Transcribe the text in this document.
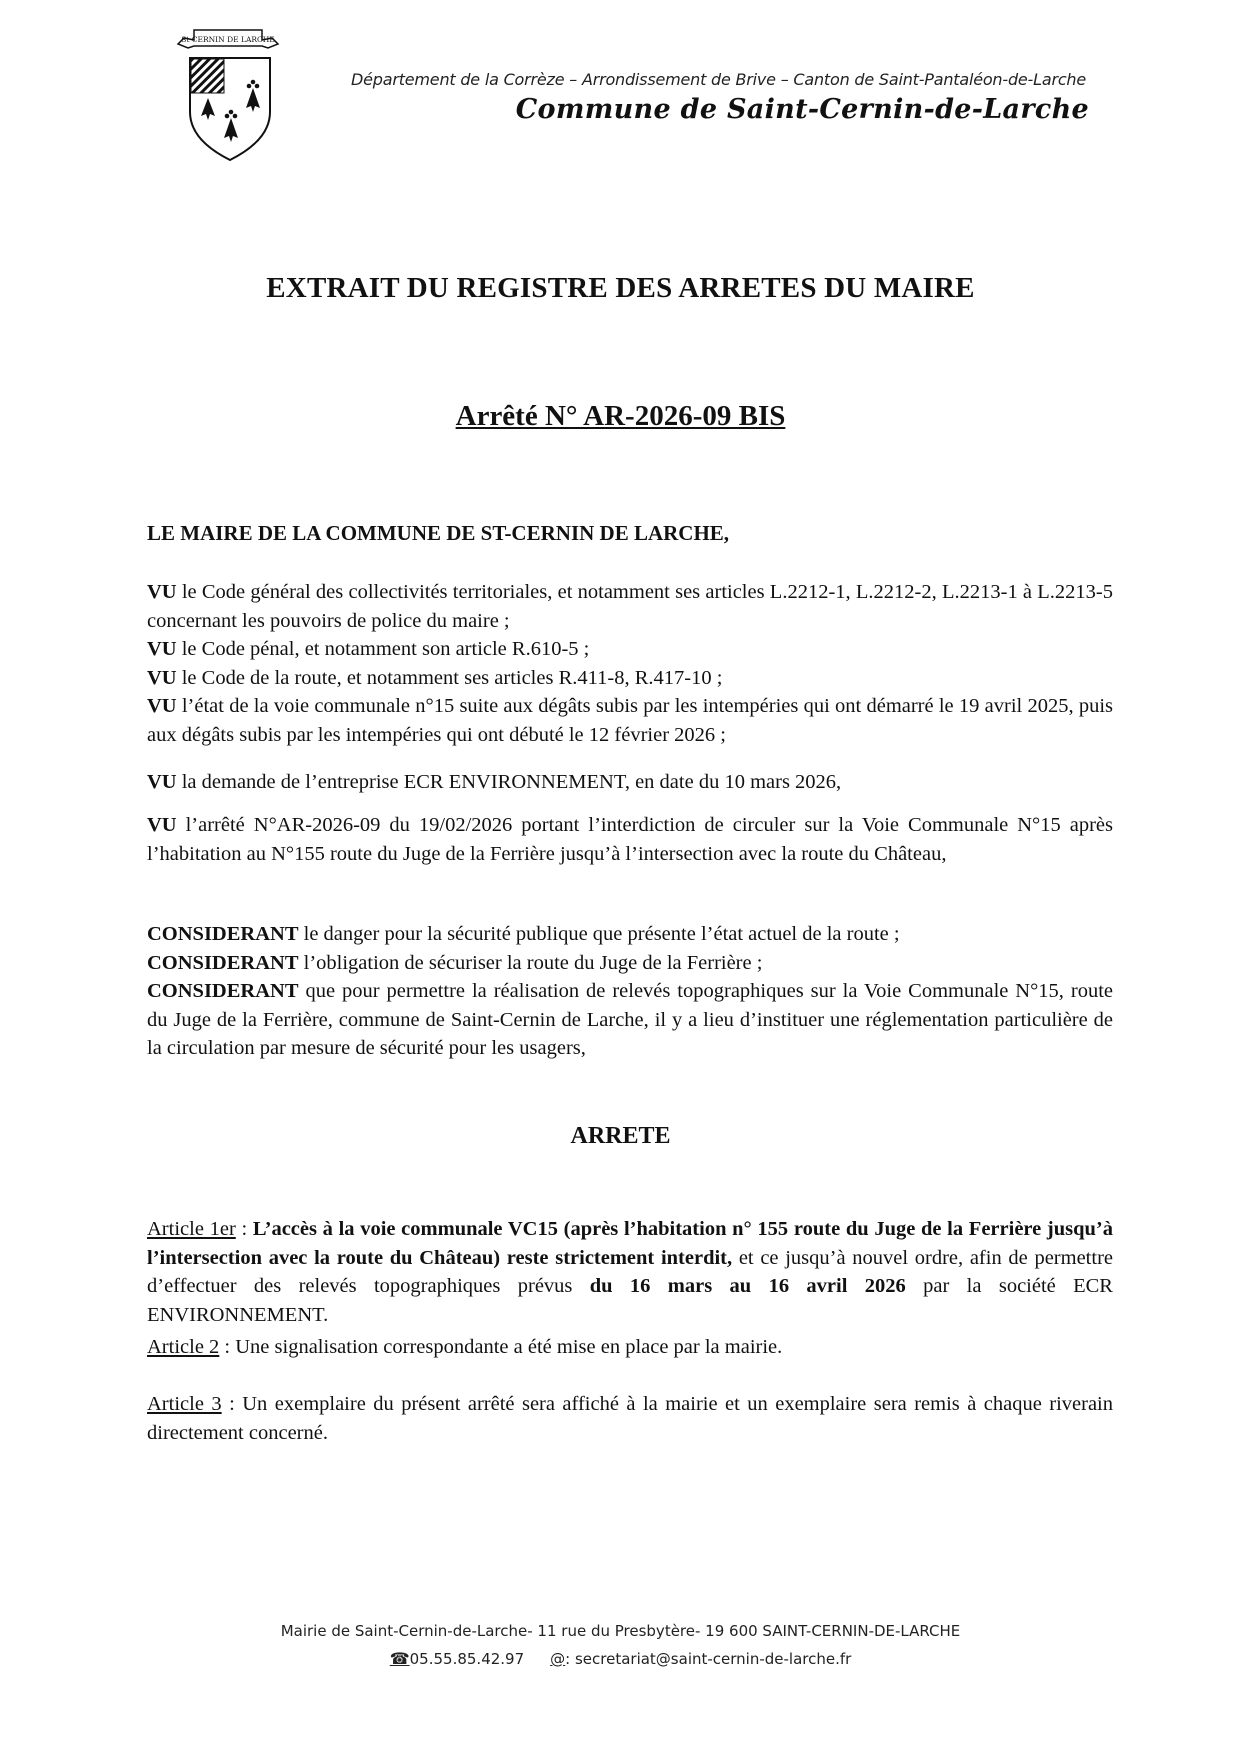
St CERNIN DE LARCHE
Département de la Corrèze – Arrondissement de Brive – Canton de Saint-Pantaléon-de-Larche
Commune de Saint-Cernin-de-Larche
EXTRAIT DU REGISTRE DES ARRETES DU MAIRE
Arrêté N° AR-2026-09 BIS
LE MAIRE DE LA COMMUNE DE ST-CERNIN DE LARCHE,
VU le Code général des collectivités territoriales, et notamment ses articles L.2212-1, L.2212-2, L.2213-1 à L.2213-5 concernant les pouvoirs de police du maire ;
VU le Code pénal, et notamment son article R.610-5 ;
VU le Code de la route, et notamment ses articles R.411-8, R.417-10 ;
VU l’état de la voie communale n°15 suite aux dégâts subis par les intempéries qui ont démarré le 19 avril 2025, puis aux dégâts subis par les intempéries qui ont débuté le 12 février 2026 ;
VU la demande de l’entreprise ECR ENVIRONNEMENT, en date du 10 mars 2026,
VU l’arrêté N°AR-2026-09 du 19/02/2026 portant l’interdiction de circuler sur la Voie Communale N°15 après l’habitation au N°155 route du Juge de la Ferrière jusqu’à l’intersection avec la route du Château,
CONSIDERANT le danger pour la sécurité publique que présente l’état actuel de la route ;
CONSIDERANT l’obligation de sécuriser la route du Juge de la Ferrière ;
CONSIDERANT que pour permettre la réalisation de relevés topographiques sur la Voie Communale N°15, route du Juge de la Ferrière, commune de Saint-Cernin de Larche, il y a lieu d’instituer une réglementation particulière de la circulation par mesure de sécurité pour les usagers,
ARRETE
Article 1er : L’accès à la voie communale VC15 (après l’habitation n° 155 route du Juge de la Ferrière jusqu’à l’intersection avec la route du Château) reste strictement interdit, et ce jusqu’à nouvel ordre, afin de permettre d’effectuer des relevés topographiques prévus du 16 mars au 16 avril 2026 par la société ECR ENVIRONNEMENT.
Article 2 : Une signalisation correspondante a été mise en place par la mairie.
Article 3 : Un exemplaire du présent arrêté sera affiché à la mairie et un exemplaire sera remis à chaque riverain directement concerné.
Mairie de Saint-Cernin-de-Larche- 11 rue du Presbytère- 19 600 SAINT-CERNIN-DE-LARCHE
☎05.55.85.42.97 @: secretariat@saint-cernin-de-larche.fr
